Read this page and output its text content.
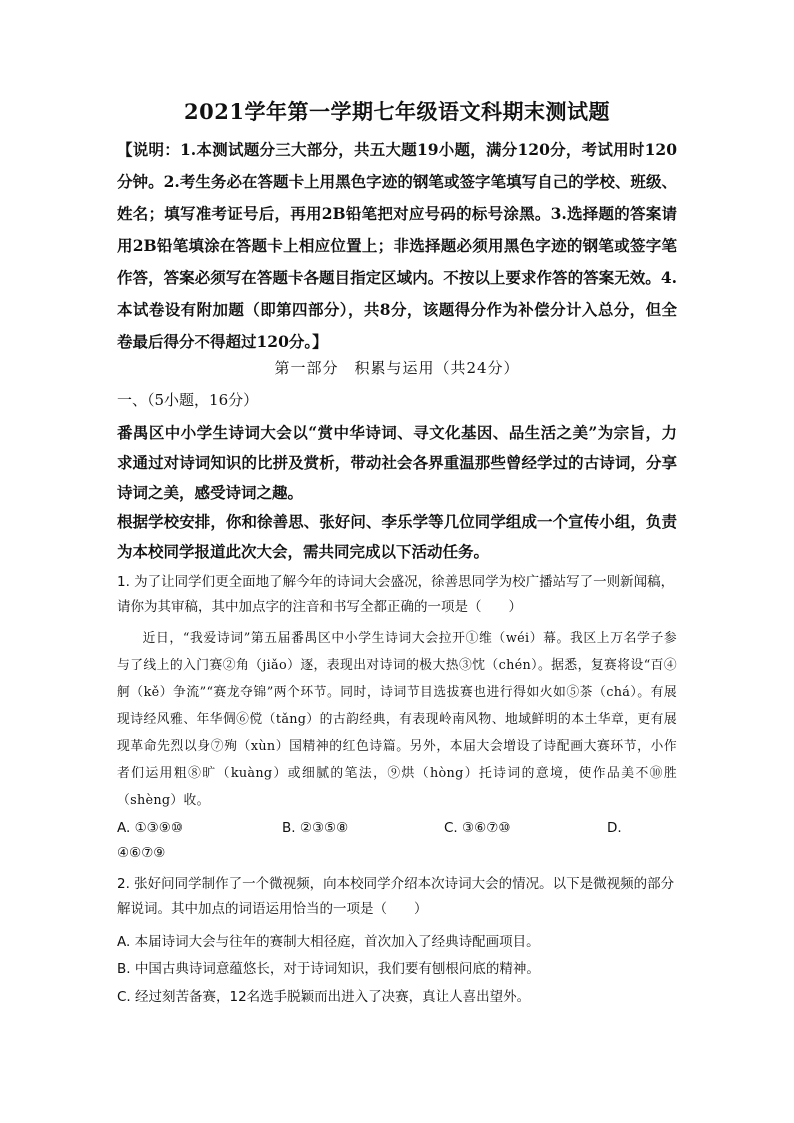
2021学年第一学期七年级语文科期末测试题
【说明：1.本测试题分三大部分，共五大题19小题，满分120分，考试用时120分钟。2.考生务必在答题卡上用黑色字迹的钢笔或签字笔填写自己的学校、班级、姓名；填写准考证号后，再用2B铅笔把对应号码的标号涂黑。3.选择题的答案请用2B铅笔填涂在答题卡上相应位置上；非选择题必须用黑色字迹的钢笔或签字笔作答，答案必须写在答题卡各题目指定区域内。不按以上要求作答的答案无效。4.本试卷设有附加题（即第四部分），共8分，该题得分作为补偿分计入总分，但全卷最后得分不得超过120分。】
第一部分　积累与运用（共24分）
一、（5小题，16分）
番禺区中小学生诗词大会以“赏中华诗词、寻文化基因、品生活之美”为宗旨，力求通过对诗词知识的比拼及赏析，带动社会各界重温那些曾经学过的古诗词，分享诗词之美，感受诗词之趣。
根据学校安排，你和徐善思、张好问、李乐学等几位同学组成一个宣传小组，负责为本校同学报道此次大会，需共同完成以下活动任务。
1. 为了让同学们更全面地了解今年的诗词大会盛况，徐善思同学为校广播站写了一则新闻稿，请你为其审稿，其中加点字的注音和书写全都正确的一项是（　　）
近日，“我爱诗词”第五届番禺区中小学生诗词大会拉开①维（wéi）幕。我区上万名学子参与了线上的入门赛②角（jiǎo）逐，表现出对诗词的极大热③忱（chén）。据悉，复赛将设“百④舸（kě）争流”“赛龙夺锦”两个环节。同时，诗词节目选拔赛也进行得如火如⑤茶（chá）。有展现诗经风雅、年华倜⑥傥（tǎng）的古韵经典，有表现岭南风物、地域鲜明的本土华章，更有展现革命先烈以身⑦殉（xùn）国精神的红色诗篇。另外，本届大会增设了诗配画大赛环节，小作者们运用粗⑧旷（kuàng）或细腻的笔法，⑨烘（hòng）托诗词的意境，使作品美不⑩胜（shèng）收。
A. ①③⑨⑩	B. ②③⑤⑧	C. ③⑥⑦⑩	D.
④⑥⑦⑨
2. 张好问同学制作了一个微视频，向本校同学介绍本次诗词大会的情况。以下是微视频的部分解说词。其中加点的词语运用恰当的一项是（　　）
A. 本届诗词大会与往年的赛制大相径庭，首次加入了经典诗配画项目。
B. 中国古典诗词意蕴悠长，对于诗词知识，我们要有刨根问底的精神。
C. 经过刻苦备赛，12名选手脱颖而出进入了决赛，真让人喜出望外。
